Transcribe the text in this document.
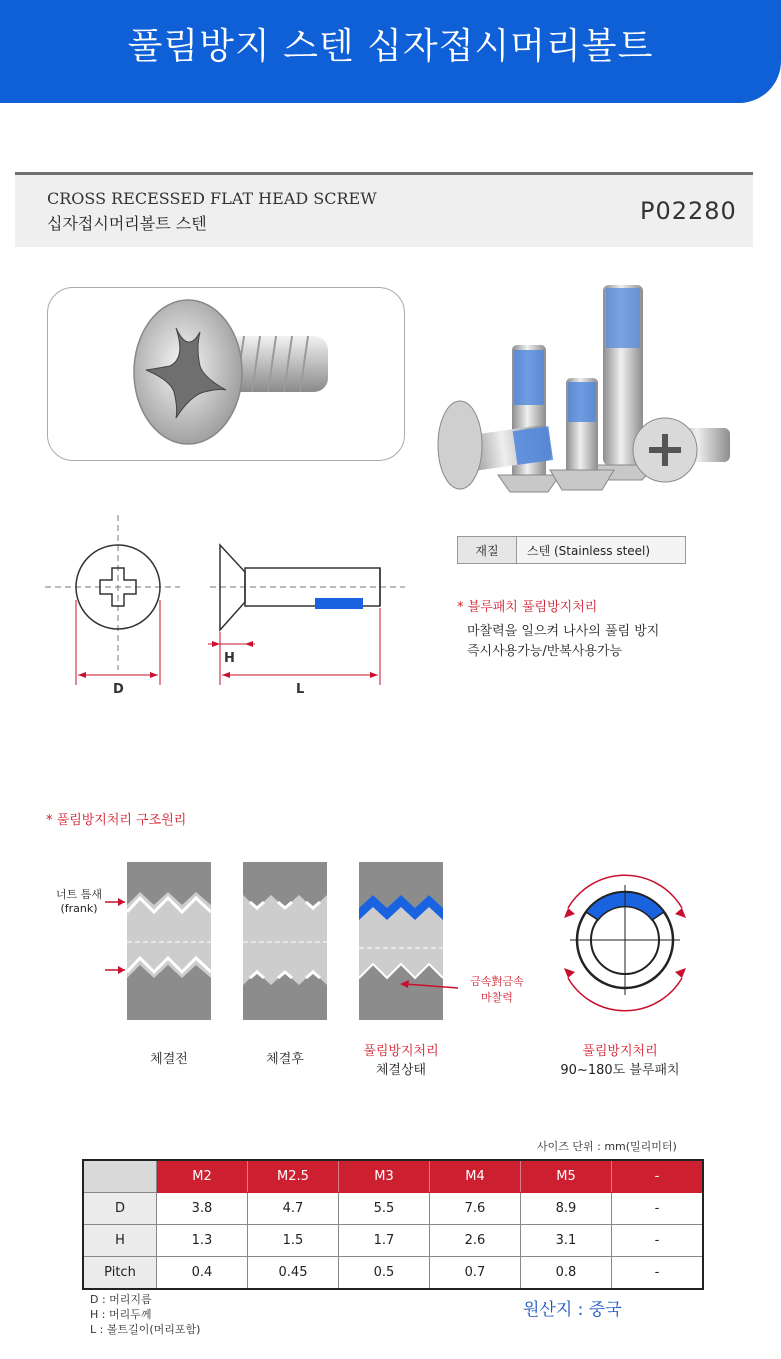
풀림방지 스텐 십자접시머리볼트
CROSS RECESSED FLAT HEAD SCREW
십자접시머리볼트 스텐	P02280
D
H
L
재질	스텐 (Stainless steel)
* 블루패치 풀림방지처리
마찰력을 일으켜 나사의 풀림 방지
즉시사용가능/반복사용가능
* 풀림방지처리 구조원리
너트 틈새
(frank)
금속對금속
마찰력
체결전	체결후
풀림방지처리
체결상태
풀림방지처리
90~180도 블루패치
사이즈 단위 : mm(밀리미터)
	M2	M2.5	M3	M4	M5	-
D	3.8	4.7	5.5	7.6	8.9	-
H	1.3	1.5	1.7	2.6	3.1	-
Pitch	0.4	0.45	0.5	0.7	0.8	-
D : 머리지름
H : 머리두께
L : 볼트길이(머리포함)
원산지 : 중국
